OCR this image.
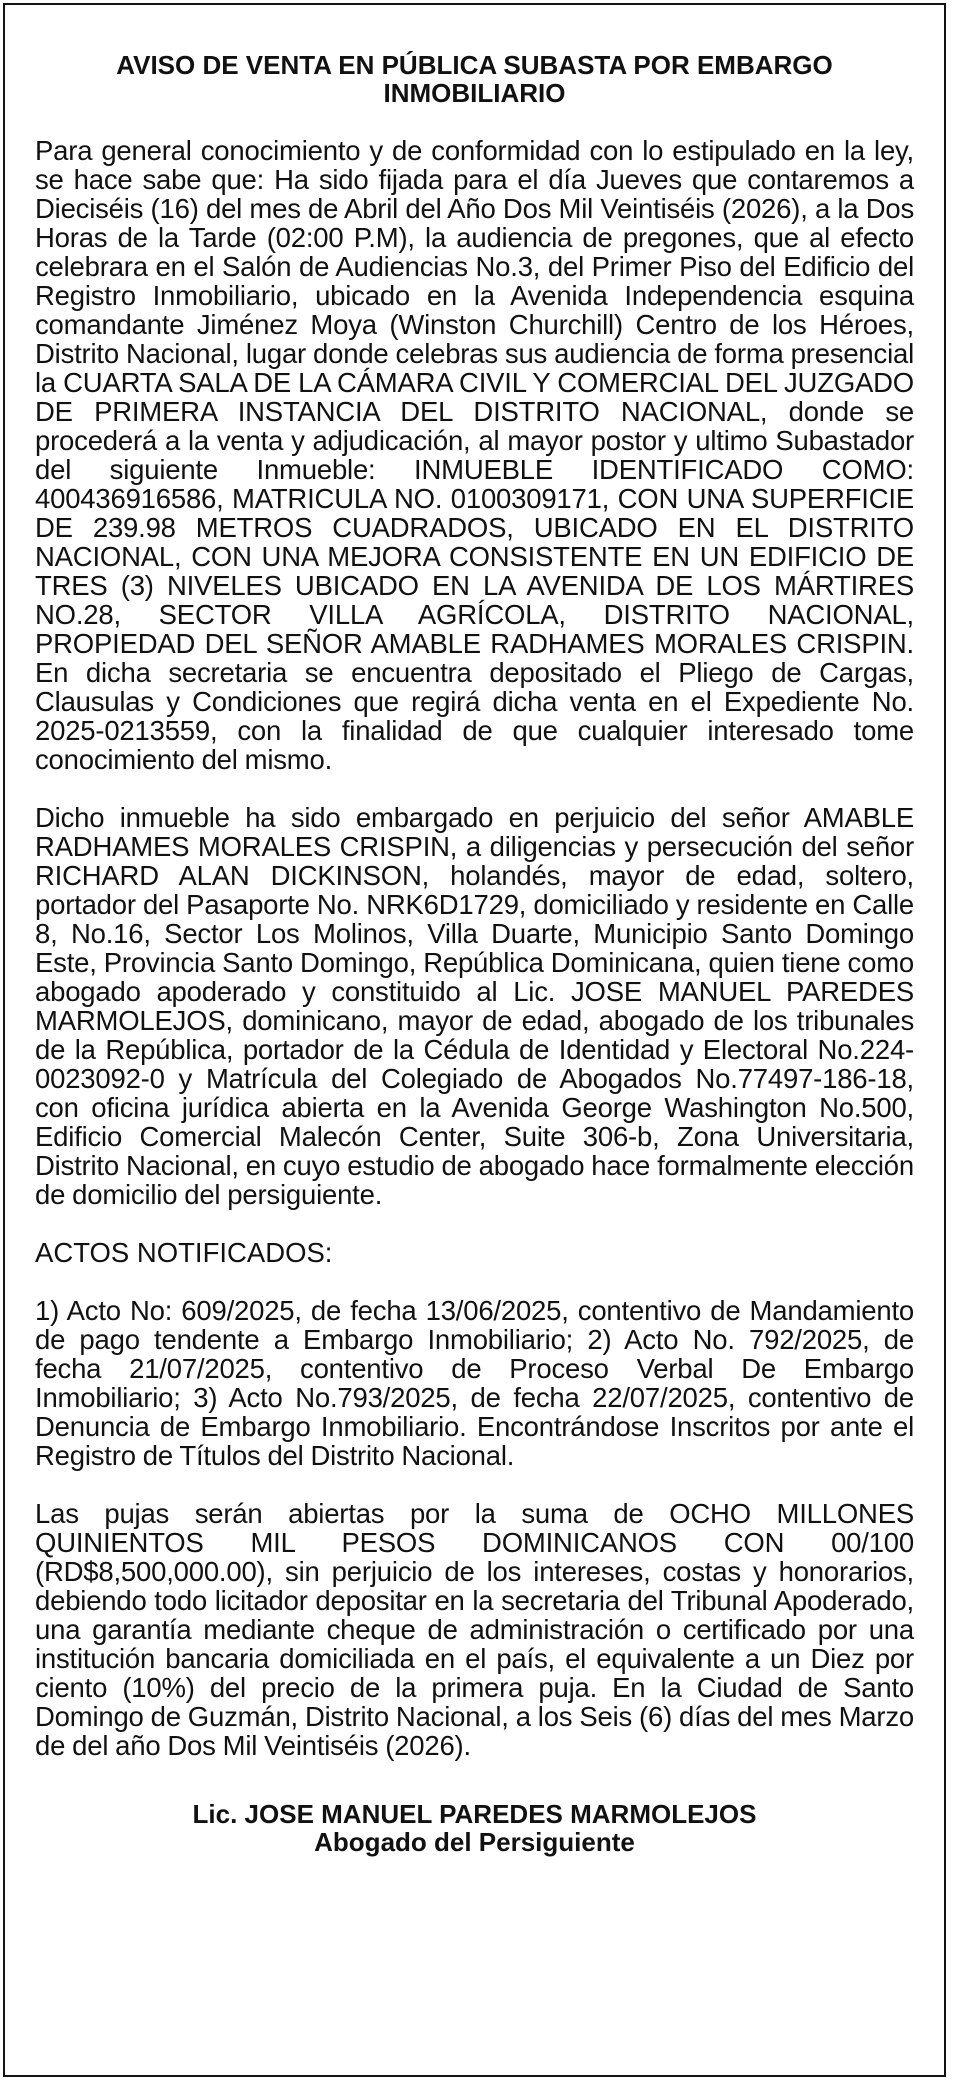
AVISO DE VENTA EN PÚBLICA SUBASTA POR EMBARGO INMOBILIARIO

Para general conocimiento y de conformidad con lo estipulado en la ley, se hace sabe que: Ha sido fijada para el día Jueves que contaremos a Dieciséis (16) del mes de Abril del Año Dos Mil Veintiséis (2026), a la Dos Horas de la Tarde (02:00 P.M), la audiencia de pregones, que al efecto celebrara en el Salón de Audiencias No.3, del Primer Piso del Edificio del Registro Inmobiliario, ubicado en la Avenida Independencia esquina comandante Jiménez Moya (Winston Churchill) Centro de los Héroes, Distrito Nacional, lugar donde celebras sus audiencia de forma presencial la CUARTA SALA DE LA CÁMARA CIVIL Y COMERCIAL DEL JUZGADO DE PRIMERA INSTANCIA DEL DISTRITO NACIONAL, donde se procederá a la venta y adjudicación, al mayor postor y ultimo Subastador del siguiente Inmueble: INMUEBLE IDENTIFICADO COMO: 400436916586, MATRICULA NO. 0100309171, CON UNA SUPERFICIE DE 239.98 METROS CUADRADOS, UBICADO EN EL DISTRITO NACIONAL, CON UNA MEJORA CONSISTENTE EN UN EDIFICIO DE TRES (3) NIVELES UBICADO EN LA AVENIDA DE LOS MÁRTIRES NO.28, SECTOR VILLA AGRÍCOLA, DISTRITO NACIONAL, PROPIEDAD DEL SEÑOR AMABLE RADHAMES MORALES CRISPIN. En dicha secretaria se encuentra depositado el Pliego de Cargas, Clausulas y Condiciones que regirá dicha venta en el Expediente No. 2025-0213559, con la finalidad de que cualquier interesado tome conocimiento del mismo.

Dicho inmueble ha sido embargado en perjuicio del señor AMABLE RADHAMES MORALES CRISPIN, a diligencias y persecución del señor RICHARD ALAN DICKINSON, holandés, mayor de edad, soltero, portador del Pasaporte No. NRK6D1729, domiciliado y residente en Calle 8, No.16, Sector Los Molinos, Villa Duarte, Municipio Santo Domingo Este, Provincia Santo Domingo, República Dominicana, quien tiene como abogado apoderado y constituido al Lic. JOSE MANUEL PAREDES MARMOLEJOS, dominicano, mayor de edad, abogado de los tribunales de la República, portador de la Cédula de Identidad y Electoral No.224-0023092-0 y Matrícula del Colegiado de Abogados No.77497-186-18, con oficina jurídica abierta en la Avenida George Washington No.500, Edificio Comercial Malecón Center, Suite 306-b, Zona Universitaria, Distrito Nacional, en cuyo estudio de abogado hace formalmente elección de domicilio del persiguiente.

ACTOS NOTIFICADOS:

1) Acto No: 609/2025, de fecha 13/06/2025, contentivo de Mandamiento de pago tendente a Embargo Inmobiliario; 2) Acto No. 792/2025, de fecha 21/07/2025, contentivo de Proceso Verbal De Embargo Inmobiliario; 3) Acto No.793/2025, de fecha 22/07/2025, contentivo de Denuncia de Embargo Inmobiliario. Encontrándose Inscritos por ante el Registro de Títulos del Distrito Nacional.

Las pujas serán abiertas por la suma de OCHO MILLONES QUINIENTOS MIL PESOS DOMINICANOS CON 00/100 (RD$8,500,000.00), sin perjuicio de los intereses, costas y honorarios, debiendo todo licitador depositar en la secretaria del Tribunal Apoderado, una garantía mediante cheque de administración o certificado por una institución bancaria domiciliada en el país, el equivalente a un Diez por ciento (10%) del precio de la primera puja. En la Ciudad de Santo Domingo de Guzmán, Distrito Nacional, a los Seis (6) días del mes Marzo de del año Dos Mil Veintiséis (2026).

Lic. JOSE MANUEL PAREDES MARMOLEJOS
Abogado del Persiguiente
